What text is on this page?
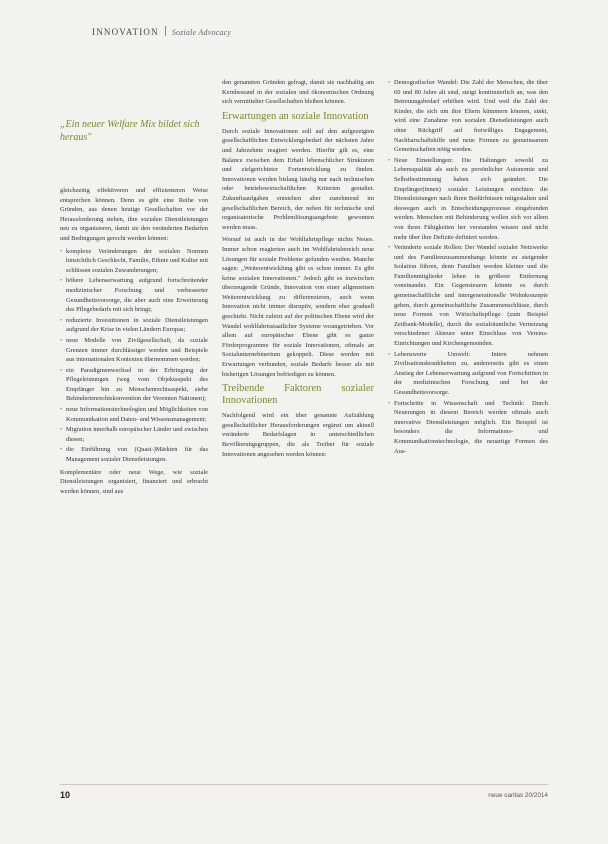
INNOVATION Soziale Advocacy
„Ein neuer Welfare Mix bildet sich heraus"

gleichzeitig effektiveren und effizienteren Weise entsprechen können. Denn es gibt eine Reihe von Gründen, aus denen heutige Gesellschaften vor der Herausforderung stehen, ihre sozialen Dienstleistungen neu zu organisieren, damit sie den veränderten Bedarfen und Bedingungen gerecht werden können:

• komplexe Veränderungen der sozialen Normen hinsichtlich Geschlecht, Familie, Ethnie und Kultur mit schlüssen sozialen Zuwanderungen;
• höhere Lebenserwartung aufgrund fortschreitender medizinischer Forschung und verbesserter Gesundheitsvorsorge, die aber auch eine Erweiterung des Pflegebedarfs mit sich bringt;
• reduzierte Investitionen in soziale Dienstleistungen aufgrund der Krise in vielen Ländern Europas;
• neue Modelle von Zivilgesellschaft, da soziale Grenzen immer durchlässiger werden und Beispiele aus internationalen Kontexten übernommen werden;
• ein Paradigmenwechsel in der Erbringung der Pflegeleistungen (weg vom Objektaspekt des Empfänger hin zu Menschenrechtsaspekt, siehe Behindertenrechtskonvention der Vereinten Nationen);
• neue Informationstechnologien und Möglichkeiten von Kommunikation und Daten- und Wissensmanagement;
• Migration innerhalb europäischer Länder und zwischen diesen;
• die Einführung von (Quasi-)Märkten für das Management sozialer Dienstleistungen.

Komplementäre oder neue Wege, wie soziale Dienstleistungen organisiert, finanziert und erbracht werden können, sind aus

den genannten Gründen gefragt, damit sie nachhaltig am Kernbestand in der sozialen und ökonomischen Ordnung sich vermittelter Gesellschaften bleiben können.

Erwartungen an soziale Innovation

Durch soziale Innovationen soll auf den aufgezeigten gesellschaftlichen Entwicklungsbedarf der nächsten Jahre und Jahrzehnte reagiert werden. Hierfür gilt es, eine Balance zwischen dem Erhalt lebenschlicher Strukturen und zielgerichteter Fortentwicklung zu finden. Innovationen werden bislang häufig nur nach technischen oder betriebswirtschaftlichen Kriterien gestaltet. Zukunftsaufgaben entstehen aber zunehmend im gesellschaftlichen Bereich, der neben für technische und organisatorische Problemlösungsangebote gewonnen werden muss.

Worauf ist auch in der Wohlfahrtspflege nichts Neues. Immer schon reagierten auch im Wohlfahrtsbereich neue Lösungen für soziale Probleme gefunden werden. Manche sagen: „Weiterentwicklung gibt es schon immer. Es gibt keine sozialen Innovationen." Jedoch gibt es inzwischen überzeugende Gründe, Innovation von einer allgemeinen Weiterentwicklung zu differenzieren, auch wenn Innovation nicht immer disruptiv, sondern eher graduell geschieht. Nicht zuletzt auf der politischen Ebene wird der Wandel wohlfahrtsstaatlicher Systeme vorangetrieben. Vor allem auf europäischer Ebene gibt es ganze Förderprogramme für soziale Innovationen, oftmals an Sozialunternehmertum gekoppelt. Diese werden mit Erwartungen verbunden, soziale Bedarfe besser als mit bisherigen Lösungen befriedigen zu können.

Treibende Faktoren sozialer Innovationen

Nachfolgend wird ein über genannte Aufzählung gesellschaftlicher Herausforderungen ergänzt um aktuell veränderte Bedarfslagen in unterschiedlichen Bevölkerungsgruppen, die als Treiber für soziale Innovationen angesehen werden können:

• Demografischer Wandel: Die Zahl der Menschen, die über 60 und 80 Jahre alt sind, steigt kontinuierlich an, was den Betreuungsbedarf erhöhen wird. Und weil die Zahl der Kinder, die sich um ihre Eltern kümmern können, sinkt, wird eine Zunahme von sozialen Dienstleistungen auch ohne Rückgriff auf freiwilliges Engagement, Nachbarschaftshilfe und neue Formen zu gemeinsamen Gemeinschaften nötig werden.
• Neue Einstellungen: Die Haltungen sowohl zu Lebensqualität als auch zu persönlicher Autonomie und Selbstbestimmung haben sich geändert. Die Empfänger(innen) sozialer Leistungen möchten die Dienstleistungen nach ihren Bedürfnissen mitgestalten und deswegen auch in Entscheidungsprozesse eingebunden werden. Menschen mit Behinderung wollen sich vor allem von ihren Fähigkeiten her verstanden wissen und nicht mehr über ihre Defizite definiert werden.
• Veränderte soziale Rollen: Der Wandel sozialer Netzwerke und des Familienzusammenhangs könnte zu steigender Isolation führen, denn Familien werden kleiner und die Familienmitglieder leben in größerer Entfernung voneinander. Ein Gegensteuern könnte es durch gemeinschaftliche und intergenerationelle Wohnkonzepte geben, durch gemeinschaftliche Zusammenschlüsse, durch neue Formen von Wirtschaftspflege (zum Beispiel Zeitbank-Modelle), durch die sozialräumliche Vernetzung verschiedener Akteure unter Einschluss von Vereins-Einrichtungen und Kirchengemeinden.
• Lebenswerte Umwelt: Intern nehmen Zivilisationskrankheiten zu, andererseits gibt es einen Anstieg der Lebenserwartung aufgrund von Fortschritten in der medizinischen Forschung und bei der Gesundheitsvorsorge.
• Fortschritte in Wissenschaft und Technik: Durch Neuerungen in diesem Bereich werden oftmals auch innovative Dienstleistungen möglich. Ein Beispiel ist besonders die Informations- und Kommunikationstechnologie, die neuartige Formen des Aus-
10	neue caritas 20/2014
